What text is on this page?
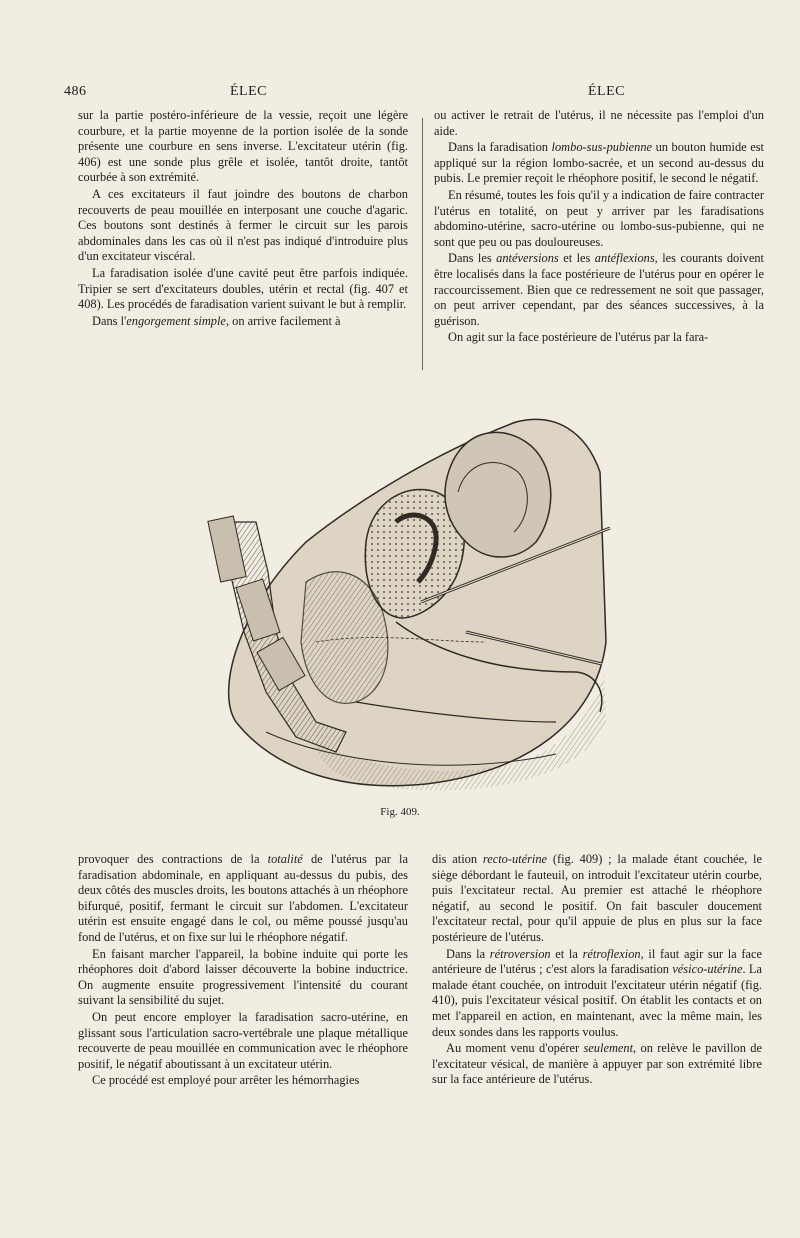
486	ÉLEC	ÉLEC

sur la partie postéro-inférieure de la vessie, reçoit une légère courbure, et la partie moyenne de la portion isolée de la sonde présente une courbure en sens inverse. L'excitateur utérin (fig. 406) est une sonde plus grêle et isolée, tantôt droite, tantôt courbée à son extrémité.

A ces excitateurs il faut joindre des boutons de charbon recouverts de peau mouillée en interposant une couche d'agaric. Ces boutons sont destinés à fermer le circuit sur les parois abdominales dans les cas où il n'est pas indiqué d'introduire plus d'un excitateur viscéral.

La faradisation isolée d'une cavité peut être parfois indiquée. Tripier se sert d'excitateurs doubles, utérin et rectal (fig. 407 et 408). Les procédés de faradisation varient suivant le but à remplir.

Dans l'engorgement simple, on arrive facilement à

ou activer le retrait de l'utérus, il ne nécessite pas l'emploi d'un aide.

Dans la faradisation lombo-sus-pubienne un bouton humide est appliqué sur la région lombo-sacrée, et un second au-dessus du pubis. Le premier reçoit le rhéophore positif, le second le négatif.

En résumé, toutes les fois qu'il y a indication de faire contracter l'utérus en totalité, on peut y arriver par les faradisations abdomino-utérine, sacro-utérine ou lombo-sus-pubienne, qui ne sont que peu ou pas douloureuses.

Dans les antéversions et les antéflexions, les courants doivent être localisés dans la face postérieure de l'utérus pour en opérer le raccourcissement. Bien que ce redressement ne soit que passager, on peut arriver cependant, par des séances successives, à la guérison.

On agit sur la face postérieure de l'utérus par la fara-

Fig. 409.

provoquer des contractions de la totalité de l'utérus par la faradisation abdominale, en appliquant au-dessus du pubis, des deux côtés des muscles droits, les boutons attachés à un rhéophore bifurqué, positif, fermant le circuit sur l'abdomen. L'excitateur utérin est ensuite engagé dans le col, ou même poussé jusqu'au fond de l'utérus, et on fixe sur lui le rhéophore négatif.

En faisant marcher l'appareil, la bobine induite qui porte les rhéophores doit d'abord laisser découverte la bobine inductrice. On augmente ensuite progressivement l'intensité du courant suivant la sensibilité du sujet.

On peut encore employer la faradisation sacro-utérine, en glissant sous l'articulation sacro-vertébrale une plaque métallique recouverte de peau mouillée en communication avec le rhéophore positif, le négatif aboutissant à un excitateur utérin.

Ce procédé est employé pour arrêter les hémorrhagies

dis ation recto-utérine (fig. 409) ; la malade étant couchée, le siège débordant le fauteuil, on introduit l'excitateur utérin courbe, puis l'excitateur rectal. Au premier est attaché le rhéophore négatif, au second le positif. On fait basculer doucement l'excitateur rectal, pour qu'il appuie de plus en plus sur la face postérieure de l'utérus.

Dans la rétroversion et la rétroflexion, il faut agir sur la face antérieure de l'utérus ; c'est alors la faradisation vésico-utérine. La malade étant couchée, on introduit l'excitateur utérin négatif (fig. 410), puis l'excitateur vésical positif. On établit les contacts et on met l'appareil en action, en maintenant, avec la même main, les deux sondes dans les rapports voulus.

Au moment venu d'opérer seulement, on relève le pavillon de l'excitateur vésical, de manière à appuyer par son extrémité libre sur la face antérieure de l'utérus.
